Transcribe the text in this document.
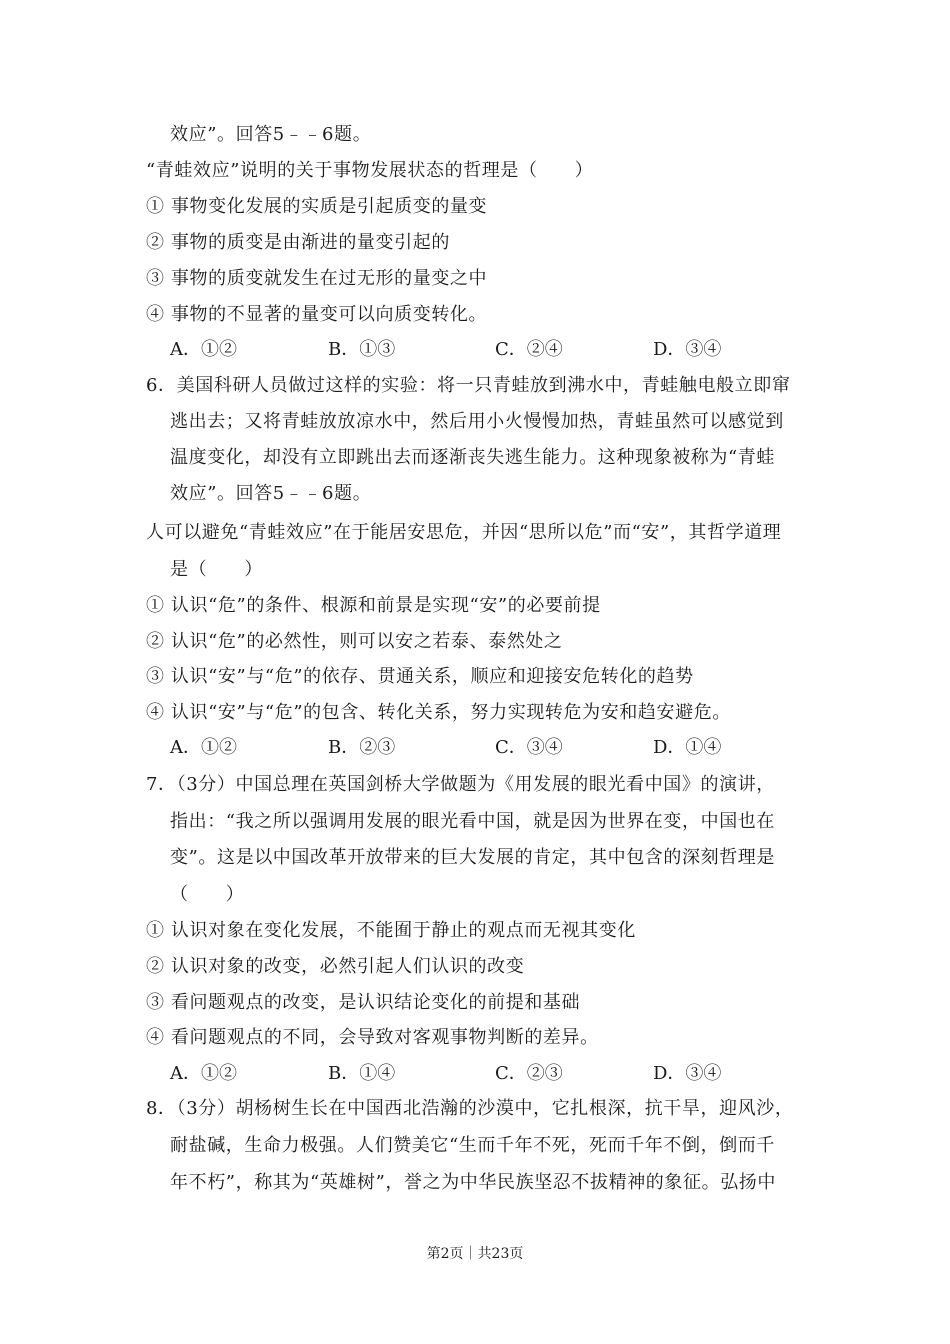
效应”。回答5﹣﹣6题。
“青蛙效应”说明的关于事物发展状态的哲理是（　　）
① 事物变化发展的实质是引起质变的量变
② 事物的质变是由渐进的量变引起的
③ 事物的质变就发生在过无形的量变之中
④ 事物的不显著的量变可以向质变转化。
A．①②	B．①③	C．②④	D．③④
6．美国科研人员做过这样的实验：将一只青蛙放到沸水中，青蛙触电般立即窜
逃出去；又将青蛙放放凉水中，然后用小火慢慢加热，青蛙虽然可以感觉到
温度变化，却没有立即跳出去而逐渐丧失逃生能力。这种现象被称为“青蛙
效应”。回答5﹣﹣6题。
人可以避免“青蛙效应”在于能居安思危，并因“思所以危”而“安”，其哲学道理
是（　　）
① 认识“危”的条件、根源和前景是实现“安”的必要前提
② 认识“危”的必然性，则可以安之若泰、泰然处之
③ 认识“安”与“危”的依存、贯通关系，顺应和迎接安危转化的趋势
④ 认识“安”与“危”的包含、转化关系，努力实现转危为安和趋安避危。
A．①②	B．②③	C．③④	D．①④
7．（3分）中国总理在英国剑桥大学做题为《用发展的眼光看中国》的演讲，
指出：“我之所以强调用发展的眼光看中国，就是因为世界在变，中国也在
变”。这是以中国改革开放带来的巨大发展的肯定，其中包含的深刻哲理是
（　　）
① 认识对象在变化发展，不能囿于静止的观点而无视其变化
② 认识对象的改变，必然引起人们认识的改变
③ 看问题观点的改变，是认识结论变化的前提和基础
④ 看问题观点的不同，会导致对客观事物判断的差异。
A．①②	B．①④	C．②③	D．③④
8．（3分）胡杨树生长在中国西北浩瀚的沙漠中，它扎根深，抗干旱，迎风沙，
耐盐碱，生命力极强。人们赞美它“生而千年不死，死而千年不倒，倒而千
年不朽”，称其为“英雄树”，誉之为中华民族坚忍不拔精神的象征。弘扬中
第2页｜共23页
